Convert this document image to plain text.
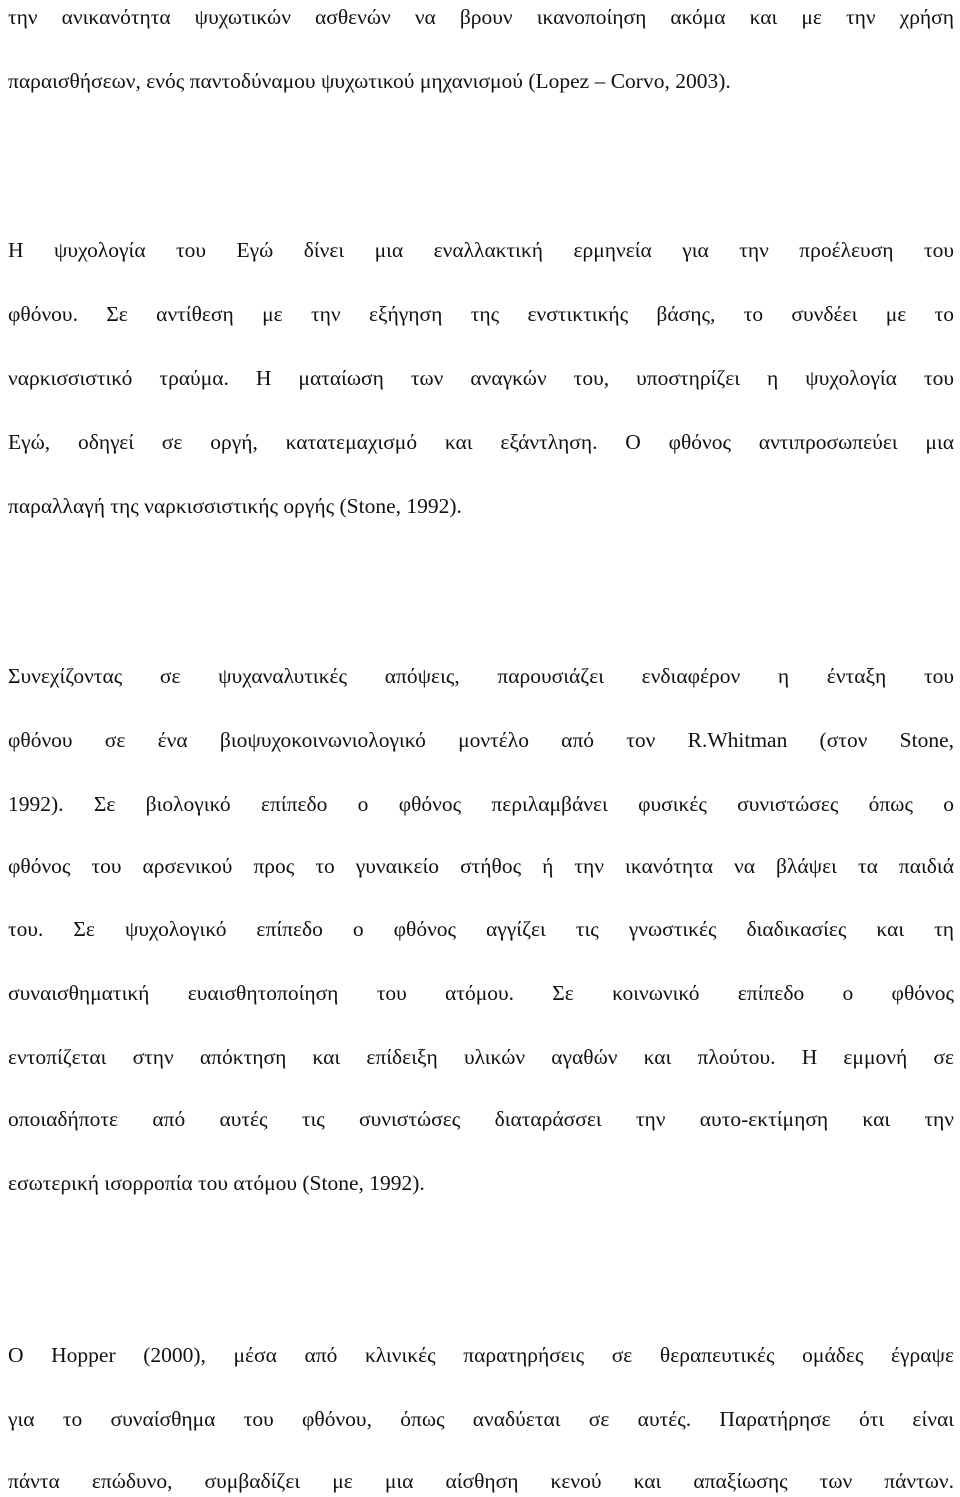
την ανικανότητα ψυχωτικών ασθενών να βρουν ικανοποίηση ακόμα και με την χρήση
παραισθήσεων, ενός παντοδύναμου ψυχωτικού μηχανισμού (Lopez – Corvo, 2003).
Η ψυχολογία του Εγώ δίνει μια εναλλακτική ερμηνεία για την προέλευση του
φθόνου. Σε αντίθεση με την εξήγηση της ενστικτικής βάσης, το συνδέει με το
ναρκισσιστικό τραύμα. Η ματαίωση των αναγκών του, υποστηρίζει η ψυχολογία του
Εγώ, οδηγεί σε οργή, κατατεμαχισμό και εξάντληση. Ο φθόνος αντιπροσωπεύει μια
παραλλαγή της ναρκισσιστικής οργής (Stone, 1992).
Συνεχίζοντας σε ψυχαναλυτικές απόψεις, παρουσιάζει ενδιαφέρον η ένταξη του
φθόνου σε ένα βιοψυχοκοινωνιολογικό μοντέλο από τον R.Whitman (στον Stone,
1992). Σε βιολογικό επίπεδο ο φθόνος περιλαμβάνει φυσικές συνιστώσες όπως ο
φθόνος του αρσενικού προς το γυναικείο στήθος ή την ικανότητα να βλάψει τα παιδιά
του. Σε ψυχολογικό επίπεδο ο φθόνος αγγίζει τις γνωστικές διαδικασίες και τη
συναισθηματική ευαισθητοποίηση του ατόμου. Σε κοινωνικό επίπεδο ο φθόνος
εντοπίζεται στην απόκτηση και επίδειξη υλικών αγαθών και πλούτου. Η εμμονή σε
οποιαδήποτε από αυτές τις συνιστώσες διαταράσσει την αυτο-εκτίμηση και την
εσωτερική ισορροπία του ατόμου (Stone, 1992).
Ο Hopper (2000), μέσα από κλινικές παρατηρήσεις σε θεραπευτικές ομάδες έγραψε
για το συναίσθημα του φθόνου, όπως αναδύεται σε αυτές. Παρατήρησε ότι είναι
πάντα επώδυνο, συμβαδίζει με μια αίσθηση κενού και απαξίωσης των πάντων.
